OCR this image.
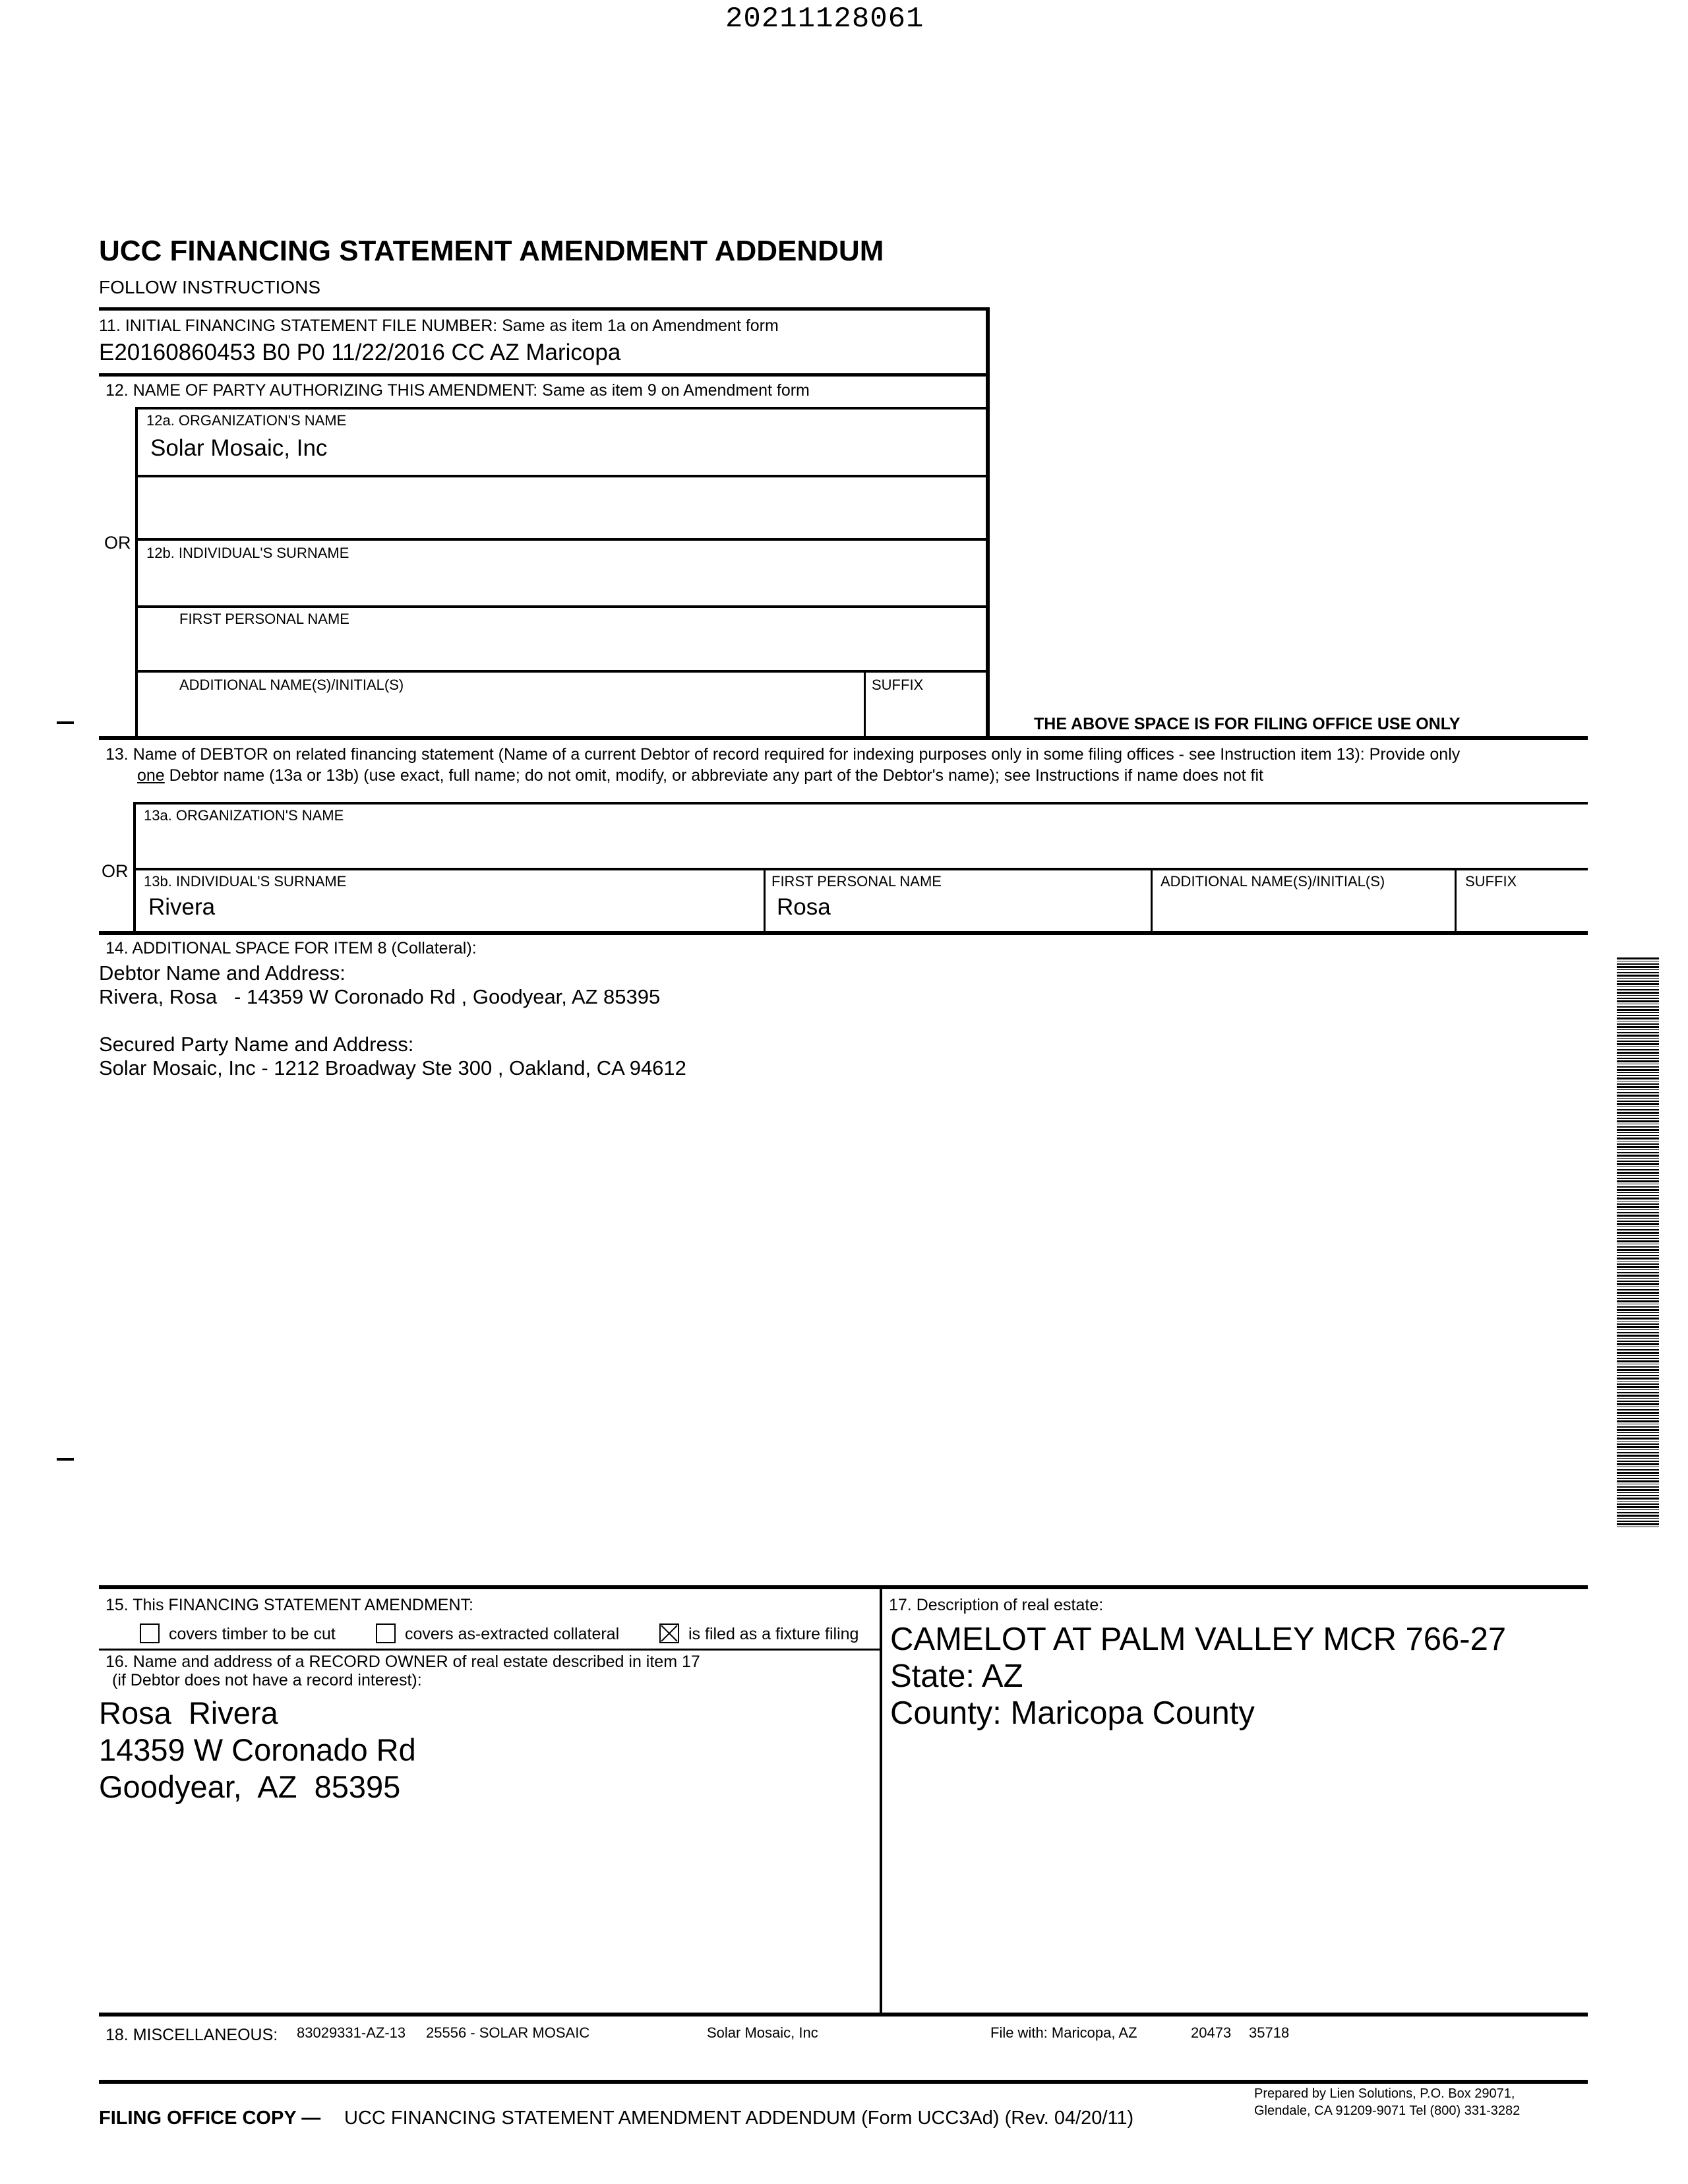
20211128061
UCC FINANCING STATEMENT AMENDMENT ADDENDUM
FOLLOW INSTRUCTIONS
11. INITIAL FINANCING STATEMENT FILE NUMBER: Same as item 1a on Amendment form
E20160860453 B0 P0 11/22/2016 CC AZ Maricopa
12. NAME OF PARTY AUTHORIZING THIS AMENDMENT: Same as item 9 on Amendment form
12a. ORGANIZATION'S NAME
Solar Mosaic, Inc
OR
12b. INDIVIDUAL'S SURNAME
FIRST PERSONAL NAME
ADDITIONAL NAME(S)/INITIAL(S)	SUFFIX
THE ABOVE SPACE IS FOR FILING OFFICE USE ONLY
13. Name of DEBTOR on related financing statement (Name of a current Debtor of record required for indexing purposes only in some filing offices - see Instruction item 13): Provide only
one Debtor name (13a or 13b) (use exact, full name; do not omit, modify, or abbreviate any part of the Debtor's name); see Instructions if name does not fit
13a. ORGANIZATION'S NAME
OR
13b. INDIVIDUAL'S SURNAME
Rivera
FIRST PERSONAL NAME
Rosa
ADDITIONAL NAME(S)/INITIAL(S)	SUFFIX
14. ADDITIONAL SPACE FOR ITEM 8 (Collateral):
Debtor Name and Address:
Rivera, Rosa   - 14359 W Coronado Rd , Goodyear, AZ 85395
Secured Party Name and Address:
Solar Mosaic, Inc - 1212 Broadway Ste 300 , Oakland, CA 94612
15. This FINANCING STATEMENT AMENDMENT:
covers timber to be cut	covers as-extracted collateral	is filed as a fixture filing
16. Name and address of a RECORD OWNER of real estate described in item 17
(if Debtor does not have a record interest):
Rosa  Rivera
14359 W Coronado Rd
Goodyear,  AZ  85395
17. Description of real estate:
CAMELOT AT PALM VALLEY MCR 766-27
State: AZ
County: Maricopa County
18. MISCELLANEOUS: 83029331-AZ-13 25556 - SOLAR MOSAIC	Solar Mosaic, Inc	File with: Maricopa, AZ	20473 35718
FILING OFFICE COPY — UCC FINANCING STATEMENT AMENDMENT ADDENDUM (Form UCC3Ad) (Rev. 04/20/11)
Prepared by Lien Solutions, P.O. Box 29071,
Glendale, CA 91209-9071 Tel (800) 331-3282
